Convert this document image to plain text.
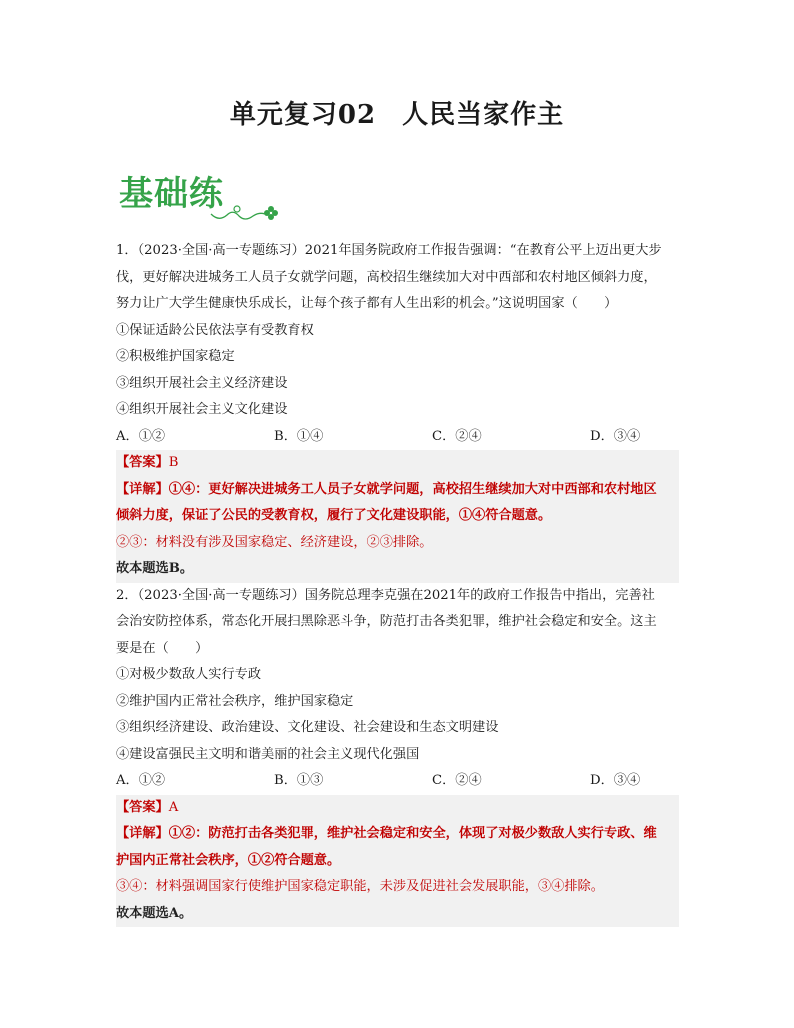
单元复习02 人民当家作主
基础练
1．（2023·全国·高一专题练习）2021年国务院政府工作报告强调：“在教育公平上迈出更大步
伐，更好解决进城务工人员子女就学问题，高校招生继续加大对中西部和农村地区倾斜力度，
努力让广大学生健康快乐成长，让每个孩子都有人生出彩的机会。”这说明国家（　　）
①保证适龄公民依法享有受教育权
②积极维护国家稳定
③组织开展社会主义经济建设
④组织开展社会主义文化建设
A．①②	B．①④	C．②④	D．③④
【答案】B
【详解】①④：更好解决进城务工人员子女就学问题，高校招生继续加大对中西部和农村地区
倾斜力度，保证了公民的受教育权，履行了文化建设职能，①④符合题意。
②③：材料没有涉及国家稳定、经济建设，②③排除。
故本题选B。
2．（2023·全国·高一专题练习）国务院总理李克强在2021年的政府工作报告中指出，完善社
会治安防控体系，常态化开展扫黑除恶斗争，防范打击各类犯罪，维护社会稳定和安全。这主
要是在（　　）
①对极少数敌人实行专政
②维护国内正常社会秩序，维护国家稳定
③组织经济建设、政治建设、文化建设、社会建设和生态文明建设
④建设富强民主文明和谐美丽的社会主义现代化强国
A．①②	B．①③	C．②④	D．③④
【答案】A
【详解】①②：防范打击各类犯罪，维护社会稳定和安全，体现了对极少数敌人实行专政、维
护国内正常社会秩序，①②符合题意。
③④：材料强调国家行使维护国家稳定职能，未涉及促进社会发展职能，③④排除。
故本题选A。
